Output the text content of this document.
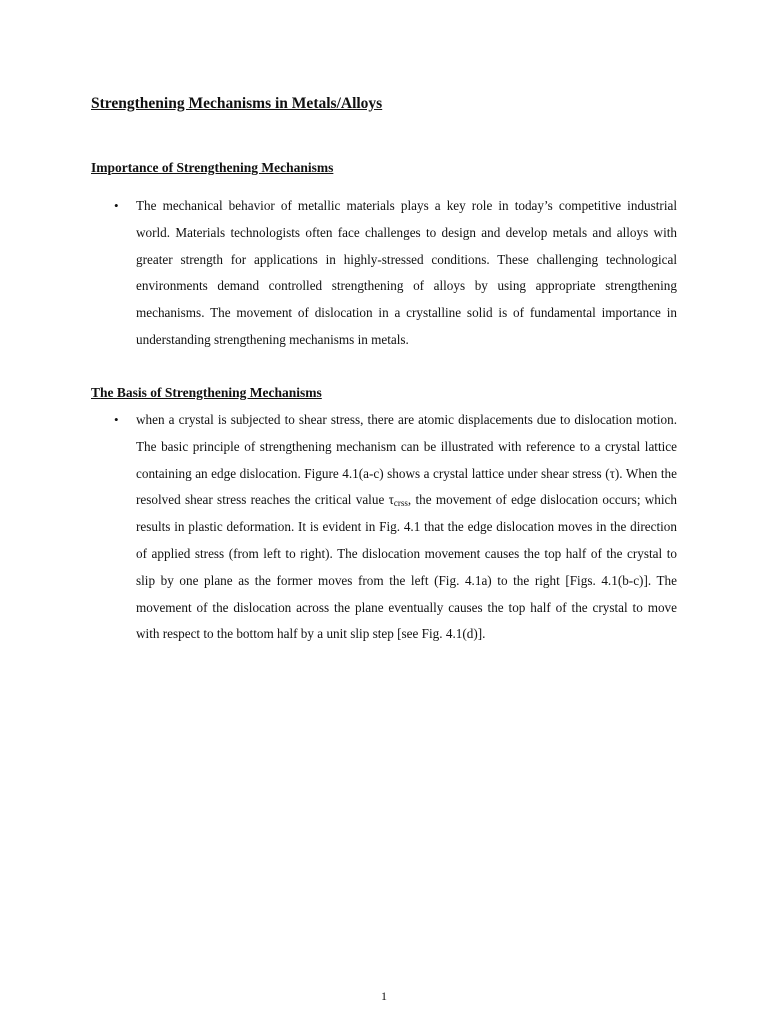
Strengthening Mechanisms in Metals/Alloys
Importance of Strengthening Mechanisms
• The mechanical behavior of metallic materials plays a key role in today’s competitive industrial world. Materials technologists often face challenges to design and develop metals and alloys with greater strength for applications in highly-stressed conditions. These challenging technological environments demand controlled strengthening of alloys by using appropriate strengthening mechanisms. The movement of dislocation in a crystalline solid is of fundamental importance in understanding strengthening mechanisms in metals.

The Basis of Strengthening Mechanisms
• when a crystal is subjected to shear stress, there are atomic displacements due to dislocation motion. The basic principle of strengthening mechanism can be illustrated with reference to a crystal lattice containing an edge dislocation. Figure 4.1(a-c) shows a crystal lattice under shear stress (τ). When the resolved shear stress reaches the critical value $\tau_{crss}$, the movement of edge dislocation occurs; which results in plastic deformation. It is evident in Fig. 4.1 that the edge dislocation moves in the direction of applied stress (from left to right). The dislocation movement causes the top half of the crystal to slip by one plane as the former moves from the left (Fig. 4.1a) to the right [Figs. 4.1(b-c)]. The movement of the dislocation across the plane eventually causes the top half of the crystal to move with respect to the bottom half by a unit slip step [see Fig. 4.1(d)].

1
